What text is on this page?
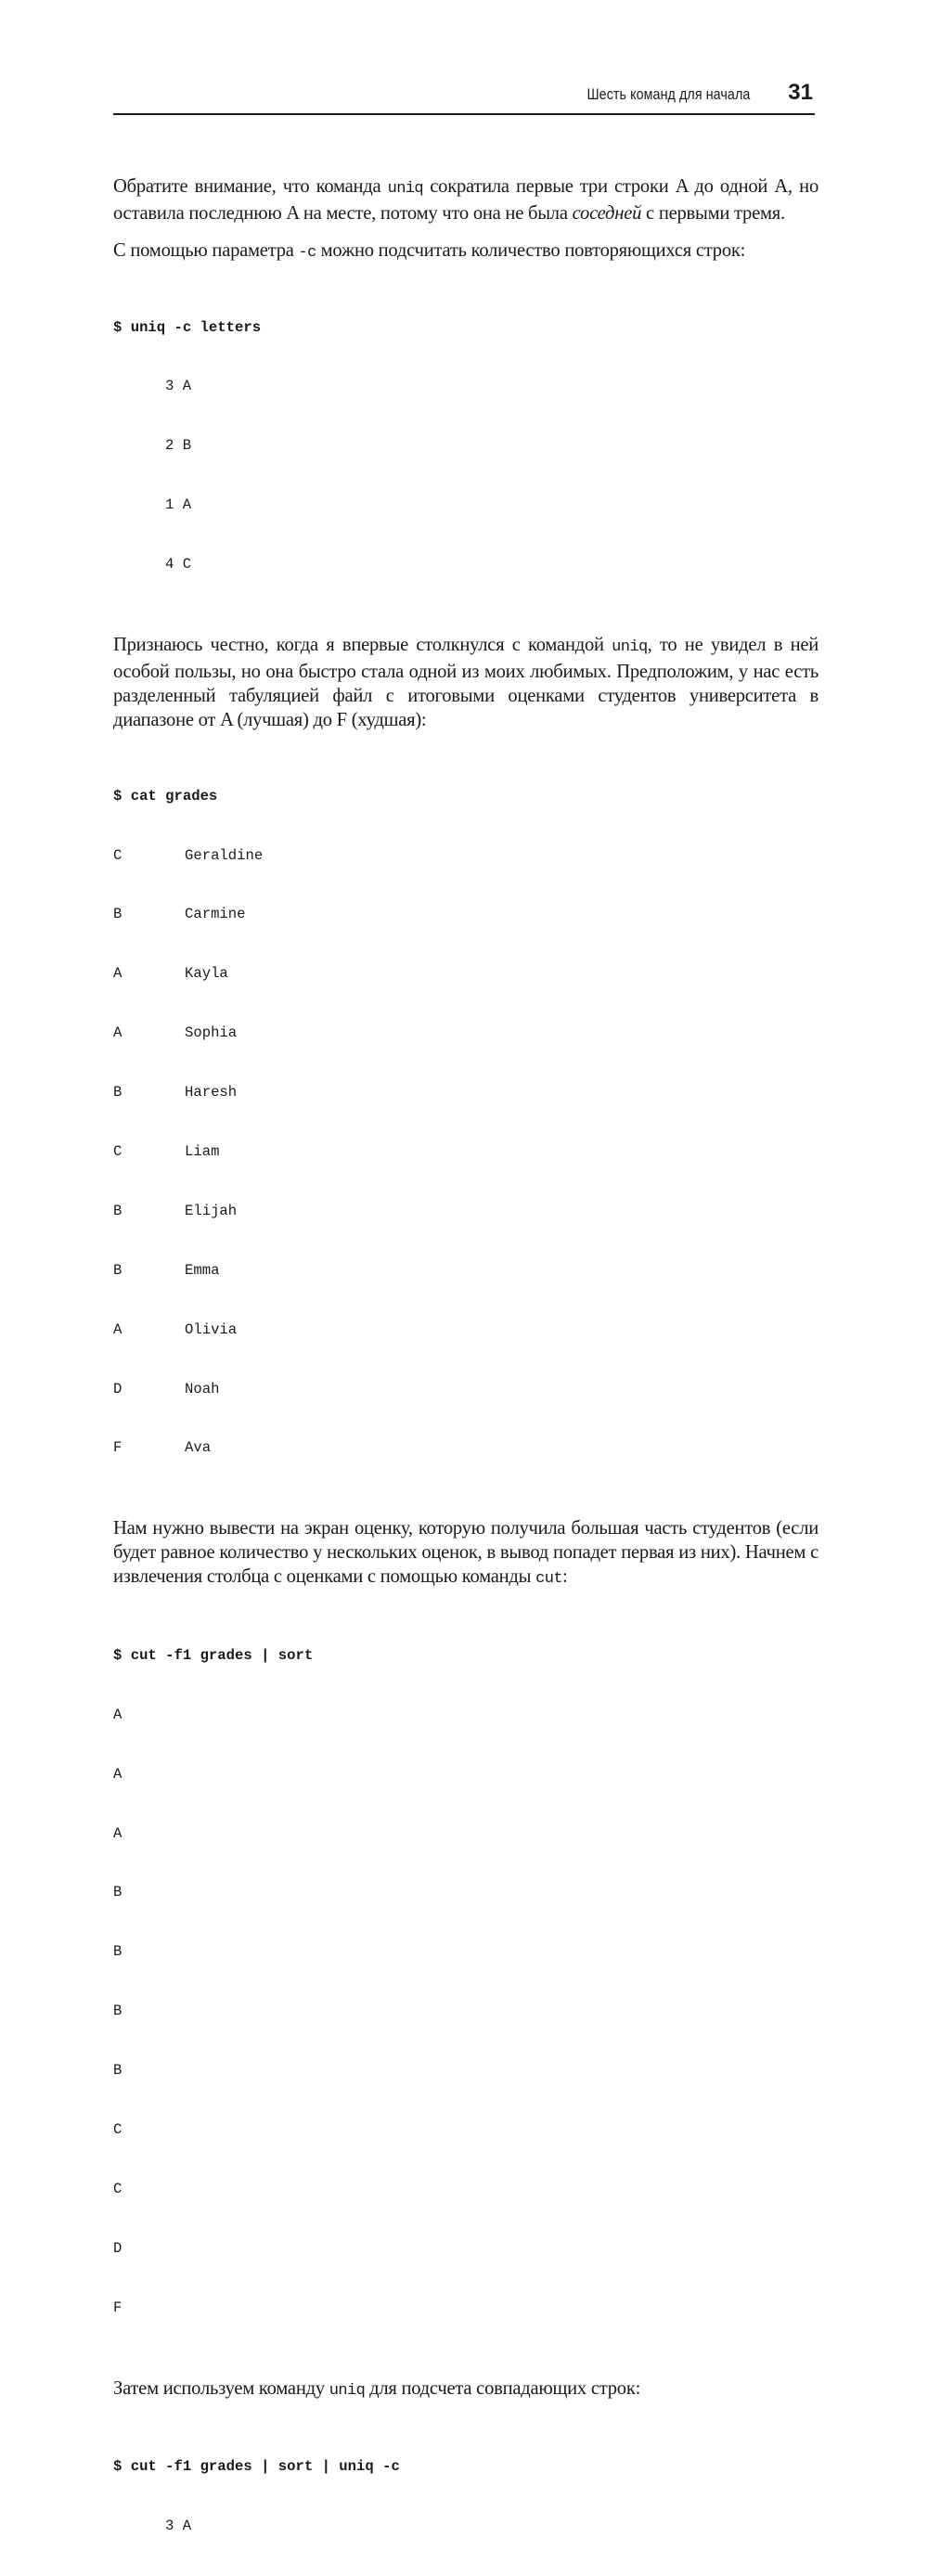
Шесть команд для начала 31

Обратите внимание, что команда uniq сократила первые три строки A до одной A, но оставила последнюю A на месте, потому что она не была соседней с первыми тремя.

С помощью параметра -c можно подсчитать количество повторяющихся строк:

$ uniq -c letters

3 A

2 B

1 A

4 C

Признаюсь честно, когда я впервые столкнулся с командой uniq, то не увидел в ней особой пользы, но она быстро стала одной из моих любимых. Предположим, у нас есть разделенный табуляцией файл с итоговыми оценками студентов университета в диапазоне от A (лучшая) до F (худшая):

$ cat grades

C	Geraldine

B	Carmine

A	Kayla

A	Sophia

B	Haresh

C	Liam

B	Elijah

B	Emma

A	Olivia

D	Noah

F	Ava

Нам нужно вывести на экран оценку, которую получила большая часть студентов (если будет равное количество у нескольких оценок, в вывод попадет первая из них). Начнем с извлечения столбца с оценками с помощью команды cut:

$ cut -f1 grades | sort

A

A

A

B

B

B

B

C

C

D

F

Затем используем команду uniq для подсчета совпадающих строк:

$ cut -f1 grades | sort | uniq -c

3 A
